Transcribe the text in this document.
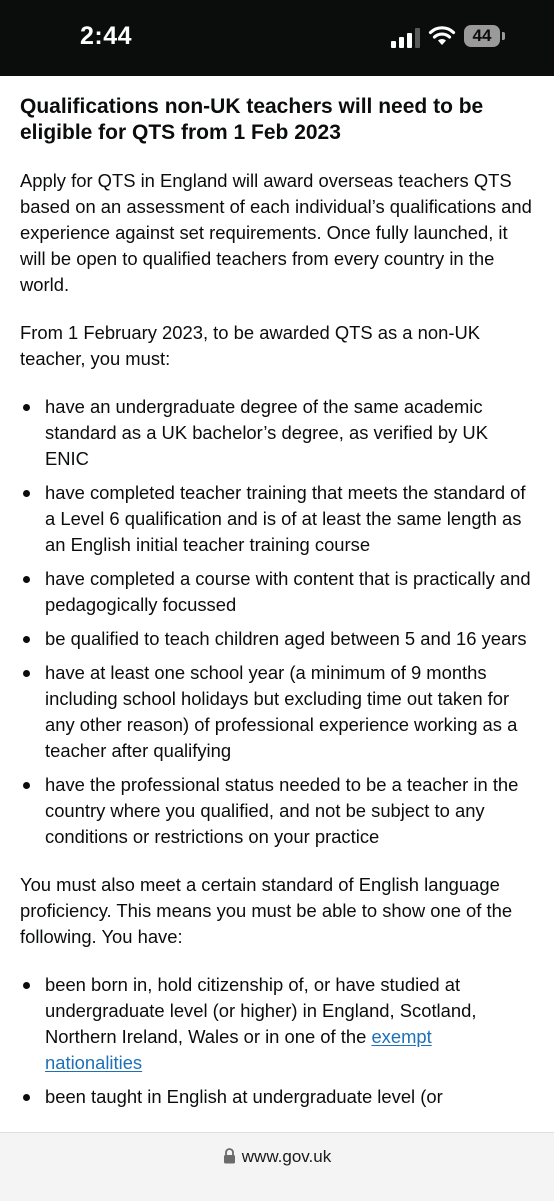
2:44	44
Qualifications non-UK teachers will need to be eligible for QTS from 1 Feb 2023

Apply for QTS in England will award overseas teachers QTS based on an assessment of each individual’s qualifications and experience against set requirements. Once fully launched, it will be open to qualified teachers from every country in the world.

From 1 February 2023, to be awarded QTS as a non-UK teacher, you must:

have an undergraduate degree of the same academic standard as a UK bachelor’s degree, as verified by UK ENIC
have completed teacher training that meets the standard of a Level 6 qualification and is of at least the same length as an English initial teacher training course
have completed a course with content that is practically and pedagogically focussed
be qualified to teach children aged between 5 and 16 years
have at least one school year (a minimum of 9 months including school holidays but excluding time out taken for any other reason) of professional experience working as a teacher after qualifying
have the professional status needed to be a teacher in the country where you qualified, and not be subject to any conditions or restrictions on your practice

You must also meet a certain standard of English language proficiency. This means you must be able to show one of the following. You have:

been born in, hold citizenship of, or have studied at undergraduate level (or higher) in England, Scotland, Northern Ireland, Wales or in one of the exempt nationalities
been taught in English at undergraduate level (or
www.gov.uk
